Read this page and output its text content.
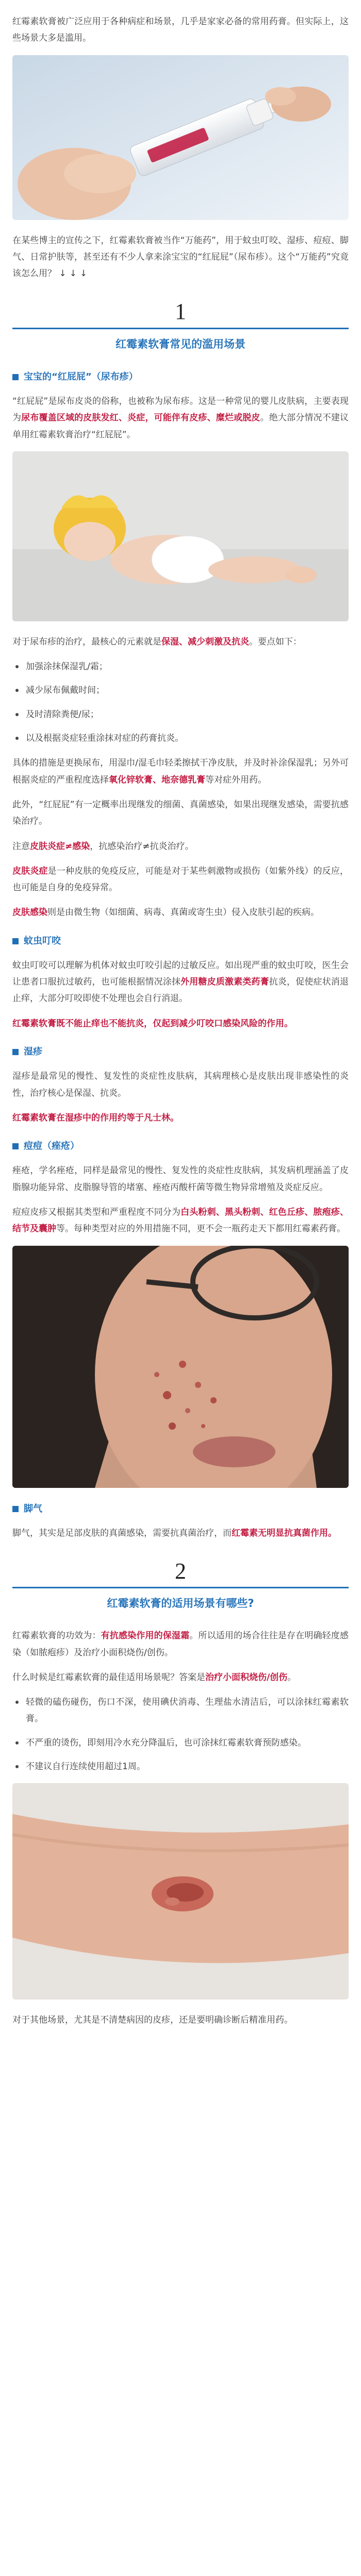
红霉素软膏被广泛应用于各种病症和场景，几乎是家家必备的常用药膏。但实际上，这些场景大多是滥用。

在某些博主的宣传之下，红霉素软膏被当作“万能药”，用于蚊虫叮咬、湿疹、痘痘、脚气、日常护肤等，甚至还有不少人拿来涂宝宝的“红屁屁”（尿布疹）。这个“万能药”究竟该怎么用？ ↓↓↓

1
红霉素软膏常见的滥用场景
宝宝的“红屁屁”（尿布疹）

“红屁屁”是尿布皮炎的俗称，也被称为尿布疹。这是一种常见的婴儿皮肤病，主要表现为尿布覆盖区域的皮肤发红、炎症，可能伴有皮疹、糜烂或脱皮。绝大部分情况不建议单用红霉素软膏治疗“红屁屁”。

对于尿布疹的治疗，最核心的元素就是保湿、减少刺激及抗炎。要点如下：

加强涂抹保湿乳/霜；
减少尿布佩戴时间；
及时清除粪便/尿；
以及根据炎症轻重涂抹对症的药膏抗炎。

具体的措施是更换尿布，用湿巾/湿毛巾轻柔擦拭干净皮肤，并及时补涂保湿乳；另外可根据炎症的严重程度选择氧化锌软膏、地奈德乳膏等对症外用药。

此外，“红屁屁”有一定概率出现继发的细菌、真菌感染，如果出现继发感染，需要抗感染治疗。

注意皮肤炎症≠感染，抗感染治疗≠抗炎治疗。

皮肤炎症是一种皮肤的免疫反应，可能是对于某些刺激物或损伤（如紫外线）的反应，也可能是自身的免疫异常。

皮肤感染则是由微生物（如细菌、病毒、真菌或寄生虫）侵入皮肤引起的疾病。

蚊虫叮咬

蚊虫叮咬可以理解为机体对蚊虫叮咬引起的过敏反应。如出现严重的蚊虫叮咬，医生会让患者口服抗过敏药，也可能根据情况涂抹外用糖皮质激素类药膏抗炎，促使症状消退止痒，大部分叮咬即使不处理也会自行消退。

红霉素软膏既不能止痒也不能抗炎，仅起到减少叮咬口感染风险的作用。

湿疹

湿疹是最常见的慢性、复发性的炎症性皮肤病，其病理核心是皮肤出现非感染性的炎性，治疗核心是保湿、抗炎。

红霉素软膏在湿疹中的作用约等于凡士林。

痘痘（痤疮）

痤疮，学名痤疮，同样是最常见的慢性、复发性的炎症性皮肤病，其发病机理涵盖了皮脂腺功能异常、皮脂腺导管的堵塞、痤疮丙酸杆菌等微生物异常增殖及炎症反应。

痘痘皮疹又根据其类型和严重程度不同分为白头粉刺、黑头粉刺、红色丘疹、脓疱疹、结节及囊肿等。每种类型对应的外用措施不同，更不会一瓶药走天下都用红霉素药膏。

脚气

脚气，其实是足部皮肤的真菌感染，需要抗真菌治疗，而红霉素无明显抗真菌作用。

2
红霉素软膏的适用场景有哪些?

红霉素软膏的功效为：有抗感染作用的保湿霜。所以适用的场合往往是存在明确轻度感染（如脓疱疹）及治疗小面积烧伤/创伤。

什么时候是红霉素软膏的最佳适用场景呢？答案是治疗小面积烧伤/创伤。

轻微的磕伤碰伤，伤口不深，使用碘伏消毒、生理盐水清洁后，可以涂抹红霉素软膏。
不严重的烫伤，即刻用冷水充分降温后，也可涂抹红霉素软膏预防感染。
不建议自行连续使用超过1周。

对于其他场景，尤其是不清楚病因的皮疹，还是要明确诊断后精准用药。
